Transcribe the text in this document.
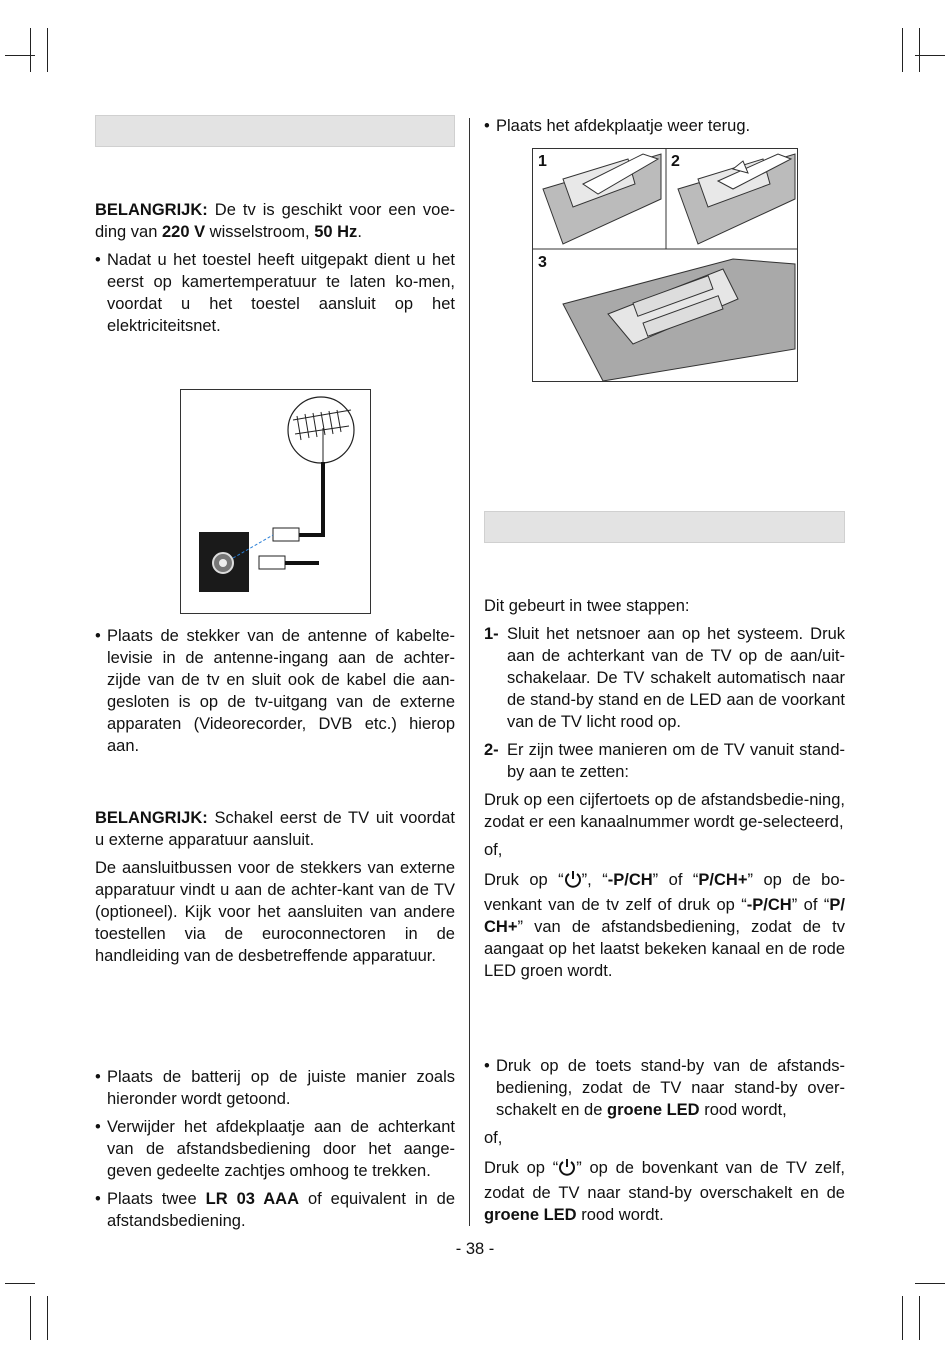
BELANGRIJK: De tv is geschikt voor een voe-ding van 220 V wisselstroom, 50 Hz.

• Nadat u het toestel heeft uitgepakt dient u het eerst op kamertemperatuur te laten ko-men, voordat u het toestel aansluit op het elektriciteitsnet.
• Plaats de stekker van de antenne of kabelte-levisie in de antenne-ingang aan de achter-zijde van de tv en sluit ook de kabel die aan-gesloten is op de tv-uitgang van de externe apparaten (Videorecorder, DVB etc.) hierop aan.

BELANGRIJK: Schakel eerst de TV uit voordat u externe apparatuur aansluit.

De aansluitbussen voor de stekkers van externe apparatuur vindt u aan de achter-kant van de TV (optioneel). Kijk voor het aansluiten van andere toestellen via de euroconnectoren in de handleiding van de desbetreffende apparatuur.

• Plaats de batterij op de juiste manier zoals hieronder wordt getoond.
• Verwijder het afdekplaatje aan de achterkant van de afstandsbediening door het aange-geven gedeelte zachtjes omhoog te trekken.
• Plaats twee LR 03 AAA of equivalent in de afstandsbediening.
• Plaats het afdekplaatje weer terug.
1	2
3

Dit gebeurt in twee stappen:

1- Sluit het netsnoer aan op het systeem. Druk aan de achterkant van de TV op de aan/uit-schakelaar. De TV schakelt automatisch naar de stand-by stand en de LED aan de voorkant van de TV licht rood op.
2- Er zijn twee manieren om de TV vanuit stand-by aan te zetten:

Druk op een cijfertoets op de afstandsbedie-ning, zodat er een kanaalnummer wordt ge-selecteerd,

of,

Druk op “ ”, “-P/CH” of “P/CH+” op de bo-venkant van de tv zelf of druk op “-P/CH” of “P/ CH+” van de afstandsbediening, zodat de tv aangaat op het laatst bekeken kanaal en de rode LED groen wordt.

• Druk op de toets stand-by van de afstands-bediening, zodat de TV naar stand-by over-schakelt en de groene LED rood wordt,

of,

Druk op “ ” op de bovenkant van de TV zelf, zodat de TV naar stand-by overschakelt en de groene LED rood wordt.

- 38 -
